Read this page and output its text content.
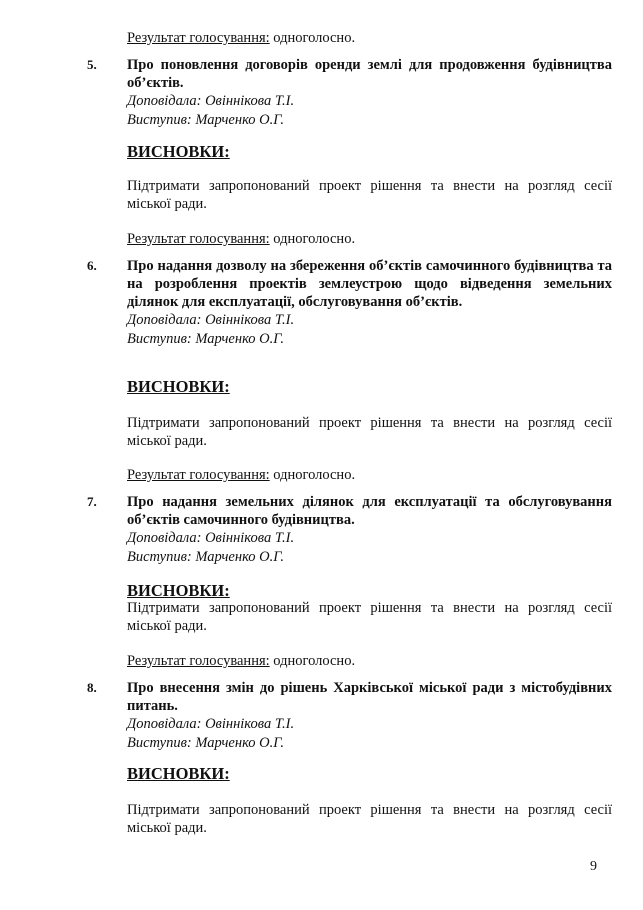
Результат голосування: одноголосно.
5. Про поновлення договорів оренди землі для продовження будівництва об’єктів.

Доповідала: Овіннікова Т.І.

Виступив: Марченко О.Г.

ВИСНОВКИ:

Підтримати запропонований проект рішення та внести на розгляд сесії міської ради.

Результат голосування: одноголосно.
6. Про надання дозволу на збереження об’єктів самочинного будівництва та на розроблення проектів землеустрою щодо відведення земельних ділянок для експлуатації, обслуговування об’єктів.

Доповідала: Овіннікова Т.І.

Виступив: Марченко О.Г.

ВИСНОВКИ:

Підтримати запропонований проект рішення та внести на розгляд сесії міської ради.

Результат голосування: одноголосно.
7. Про надання земельних ділянок для експлуатації та обслуговування об’єктів самочинного будівництва.

Доповідала: Овіннікова Т.І.

Виступив: Марченко О.Г.

ВИСНОВКИ:

Підтримати запропонований проект рішення та внести на розгляд сесії міської ради.

Результат голосування: одноголосно.
8. Про внесення змін до рішень Харківської міської ради з містобудівних питань.

Доповідала: Овіннікова Т.І.

Виступив: Марченко О.Г.

ВИСНОВКИ:

Підтримати запропонований проект рішення та внести на розгляд сесії міської ради.

9
